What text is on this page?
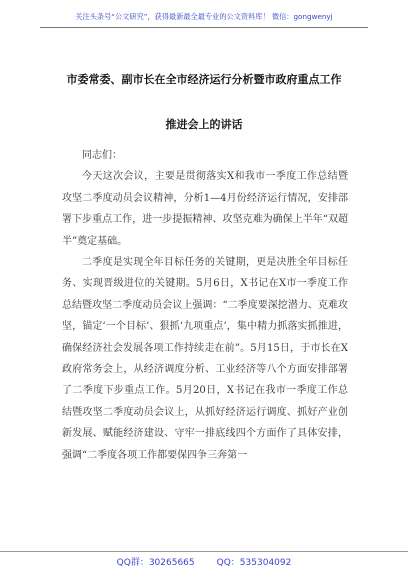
关注头条号“公文研究”，获得最新最全最专业的公文资料库！ 微信：gongwenyj
市委常委、副市长在全市经济运行分析暨市政府重点工作
推进会上的讲话

同志们：

今天这次会议，主要是贯彻落实X和我市一季度工作总结暨攻坚二季度动员会议精神，分析1—4月份经济运行情况，安排部署下步重点工作，进一步提振精神、攻坚克难为确保上半年“双超半”奠定基础。

二季度是实现全年目标任务的关键期，更是决胜全年目标任务、实现晋级进位的关键期。5月6日，X书记在X市一季度工作总结暨攻坚二季度动员会议上强调：“二季度要深挖潜力、克难攻坚，锚定‘一个目标’、狠抓‘九项重点’，集中精力抓落实抓推进，确保经济社会发展各项工作持续走在前”。5月15日，于市长在X政府常务会上，从经济调度分析、工业经济等八个方面安排部署了二季度下步重点工作。5月20日，X书记在我市一季度工作总结暨攻坚二季度动员会议上，从抓好经济运行调度、抓好产业创新发展、赋能经济建设、守牢一排底线四个方面作了具体安排，强调“二季度各项工作都要保四争三奔第一

QQ群：30265665 QQ：535304092
